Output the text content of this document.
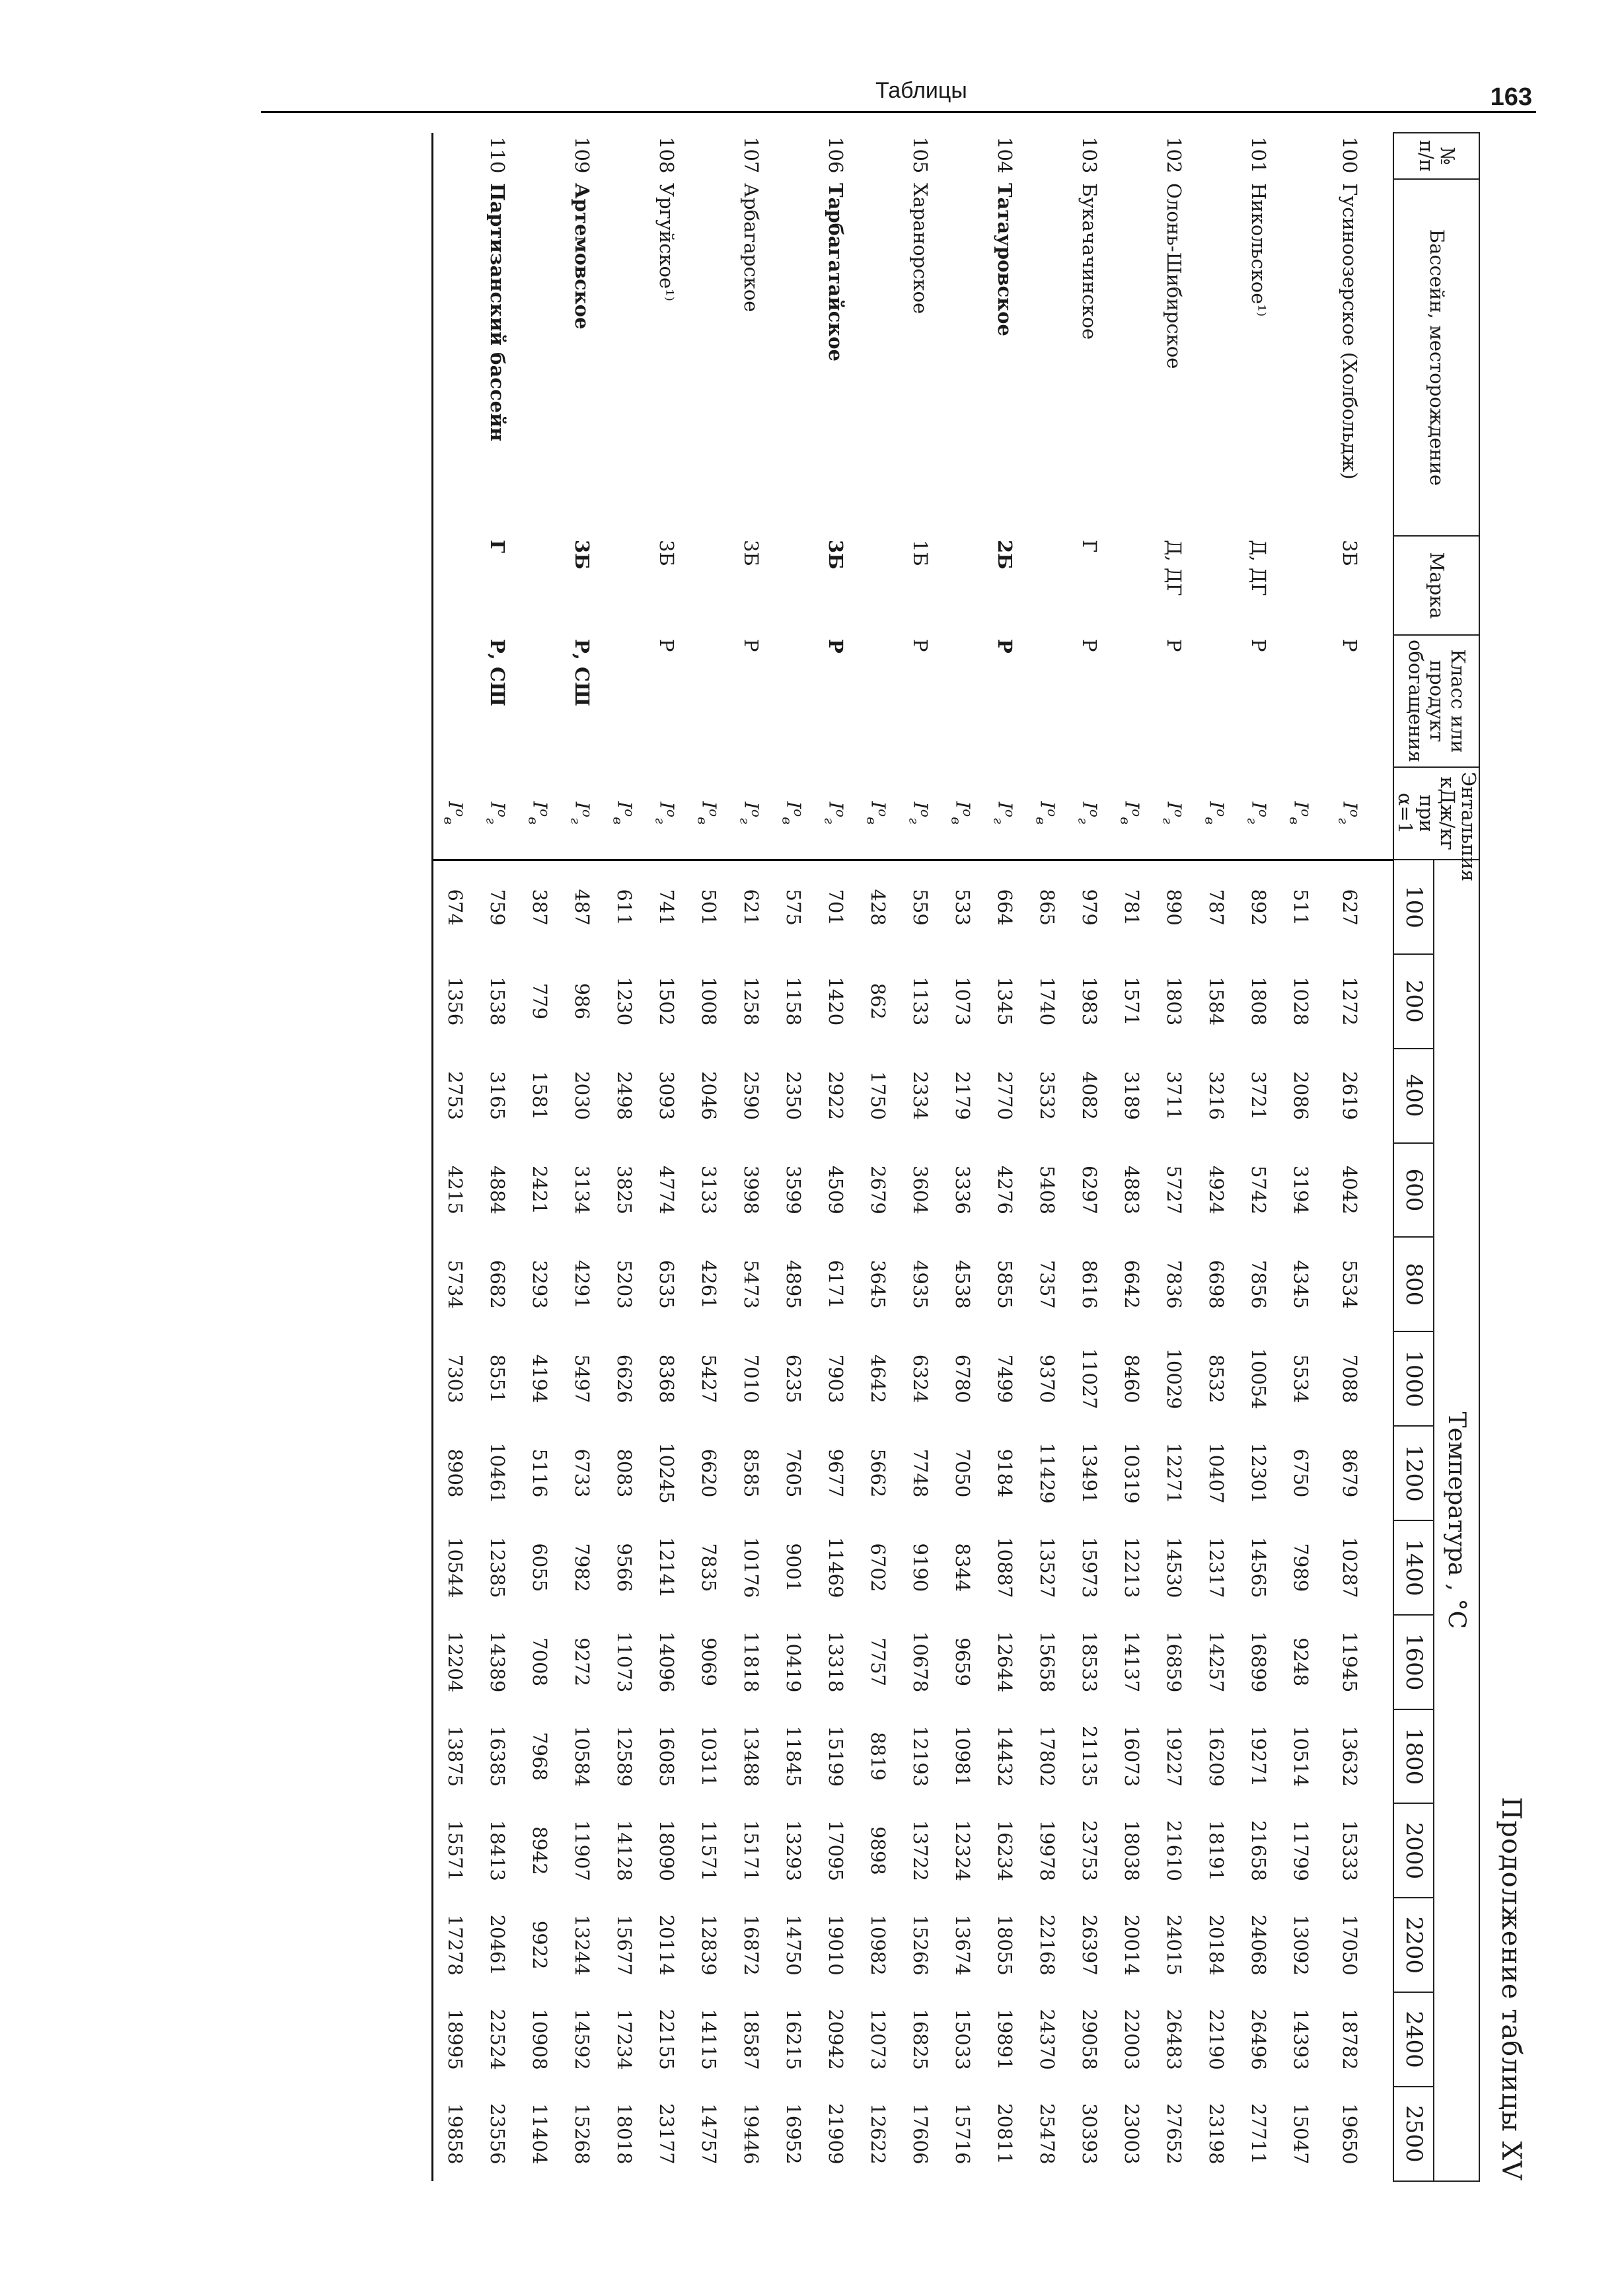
Таблицы	163
Продолжение таблицы XV
№ п/п	Бассейн, месторождение	Марка	Класс или продукт обогащения	Энтальпия кДж/кг при α=1	Температура , °С													
					100	200	400	600	800	1000	1200	1400	1600	1800	2000	2200	2400	2500
100	Гусиноозерское (Холбольдж)	3Б	Р	$I^o_г$	627	1272	2619	4042	5534	7088	8679	10287	11945	13632	15333	17050	18782	19650
				$I^o_в$	511	1028	2086	3194	4345	5534	6750	7989	9248	10514	11799	13092	14393	15047
101	Никольское¹⁾	Д, ДГ	Р	$I^o_г$	892	1808	3721	5742	7856	10054	12301	14565	16899	19271	21658	24068	26496	27711
				$I^o_в$	787	1584	3216	4924	6698	8532	10407	12317	14257	16209	18191	20184	22190	23198
102	Олонь-Шибирское	Д, ДГ	Р	$I^o_г$	890	1803	3711	5727	7836	10029	12271	14530	16859	19227	21610	24015	26483	27652
				$I^o_в$	781	1571	3189	4883	6642	8460	10319	12213	14137	16073	18038	20014	22003	23003
103	Букачачинское	Г	Р	$I^o_г$	979	1983	4082	6297	8616	11027	13491	15973	18533	21135	23753	26397	29058	30393
				$I^o_в$	865	1740	3532	5408	7357	9370	11429	13527	15658	17802	19978	22168	24370	25478
104	Татауровское	2Б	Р	$I^o_г$	664	1345	2770	4276	5855	7499	9184	10887	12644	14432	16234	18055	19891	20811
				$I^o_в$	533	1073	2179	3336	4538	6780	7050	8344	9659	10981	12324	13674	15033	15716
105	Харанорское	1Б	Р	$I^o_г$	559	1133	2334	3604	4935	6324	7748	9190	10678	12193	13722	15266	16825	17606
				$I^o_в$	428	862	1750	2679	3645	4642	5662	6702	7757	8819	9898	10982	12073	12622
106	Тарбагатайское	3Б	Р	$I^o_г$	701	1420	2922	4509	6171	7903	9677	11469	13318	15199	17095	19010	20942	21909
				$I^o_в$	575	1158	2350	3599	4895	6235	7605	9001	10419	11845	13293	14750	16215	16952
107	Арбагарское	3Б	Р	$I^o_г$	621	1258	2590	3998	5473	7010	8585	10176	11818	13488	15171	16872	18587	19446
				$I^o_в$	501	1008	2046	3133	4261	5427	6620	7835	9069	10311	11571	12839	14115	14757
108	Ургуйское¹⁾	3Б	Р	$I^o_г$	741	1502	3093	4774	6535	8368	10245	12141	14096	16085	18090	20114	22155	23177
				$I^o_в$	611	1230	2498	3825	5203	6626	8083	9566	11073	12589	14128	15677	17234	18018
109	Артемовское	3Б	Р, СШ	$I^o_г$	487	986	2030	3134	4291	5497	6733	7982	9272	10584	11907	13244	14592	15268
				$I^o_в$	387	779	1581	2421	3293	4194	5116	6055	7008	7968	8942	9922	10908	11404
110	Партизанский бассейн	Г	Р, СШ	$I^o_г$	759	1538	3165	4884	6682	8551	10461	12385	14389	16385	18413	20461	22524	23556
				$I^o_в$	674	1356	2753	4215	5734	7303	8908	10544	12204	13875	15571	17278	18995	19858
